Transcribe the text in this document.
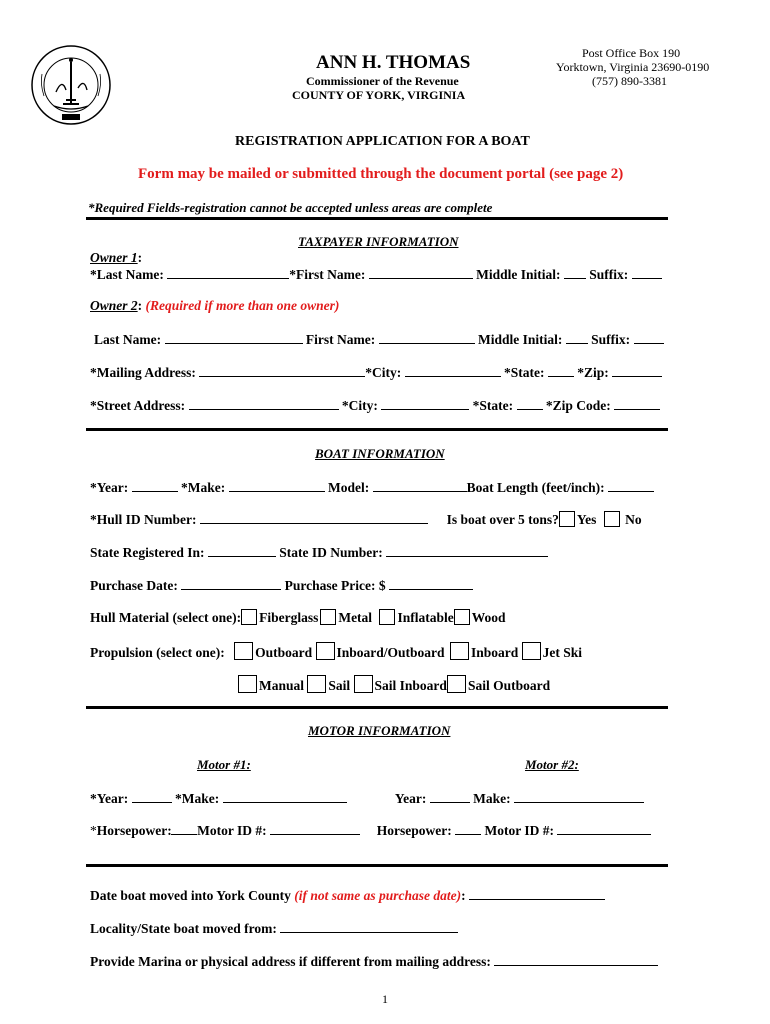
ANN H. THOMAS
Commissioner of the Revenue
COUNTY OF YORK, VIRGINIA
Post Office Box 190
Yorktown, Virginia 23690-0190
(757) 890-3381
REGISTRATION APPLICATION FOR A BOAT
Form may be mailed or submitted through the document portal (see page 2)
*Required Fields-registration cannot be accepted unless areas are complete
TAXPAYER INFORMATION
Owner 1:
*Last Name:	*First Name:	Middle Initial: Suffix:
Owner 2: (Required if more than one owner)
Last Name:	First Name:	Middle Initial: Suffix:
*Mailing Address:	*City:	*State: *Zip:
*Street Address:	*City:	*State: *Zip Code:
BOAT INFORMATION
*Year:	*Make:	Model:	Boat Length (feet/inch):
*Hull ID Number:	Is boat over 5 tons? Yes No
State Registered In:	State ID Number:
Purchase Date:	Purchase Price: $
Hull Material (select one): Fiberglass Metal Inflatable Wood
Propulsion (select one): Outboard Inboard/Outboard Inboard Jet Ski
Manual Sail Sail Inboard Sail Outboard
MOTOR INFORMATION
Motor #1:	Motor #2:
*Year:	*Make:	Year:	Make:
*Horsepower: Motor ID #:	Horsepower: Motor ID #:
Date boat moved into York County (if not same as purchase date):
Locality/State boat moved from:
Provide Marina or physical address if different from mailing address:
1
